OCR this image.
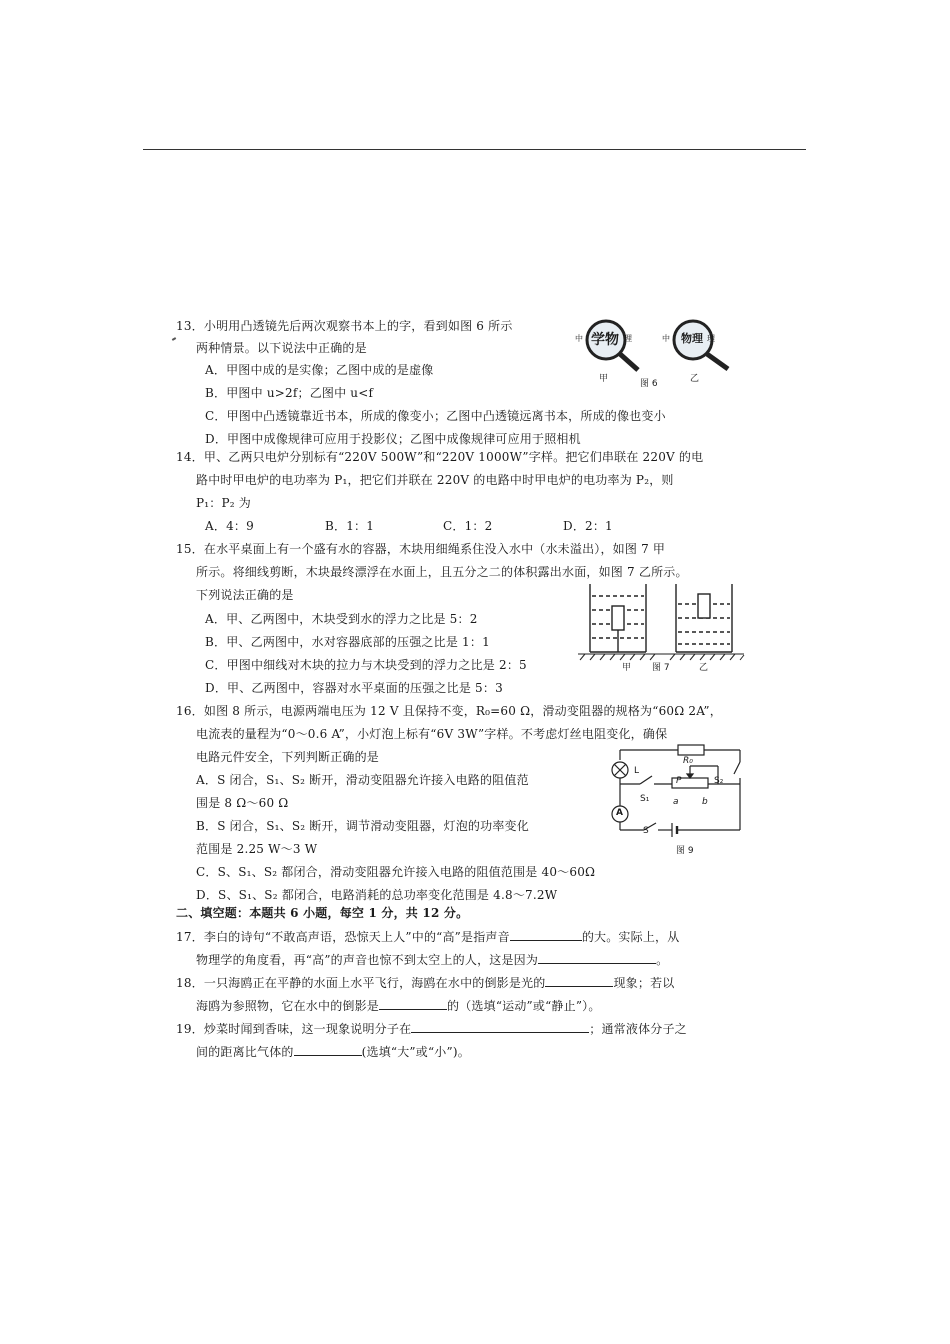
13．小明用凸透镜先后两次观察书本上的字，看到如图 6 所示
两种情景。以下说法中正确的是
A．甲图中成的是实像；乙图中成的是虚像
B．甲图中 u>2f；乙图中 u<f
C．甲图中凸透镜靠近书本，所成的像变小；乙图中凸透镜远离书本，所成的像也变小
D．甲图中成像规律可应用于投影仪；乙图中成像规律可应用于照相机
中 学物 理	中 物理 理
甲	图 6	乙
14．甲、乙两只电炉分别标有“220V 500W”和“220V 1000W”字样。把它们串联在 220V 的电
路中时甲电炉的电功率为 P₁，把它们并联在 220V 的电路中时甲电炉的电功率为 P₂，则
P₁：P₂ 为
A．4：9	B．1：1	C．1：2	D．2：1
15．在水平桌面上有一个盛有水的容器，木块用细绳系住没入水中（水未溢出），如图 7 甲
所示。将细线剪断，木块最终漂浮在水面上，且五分之二的体积露出水面，如图 7 乙所示。
下列说法正确的是
A．甲、乙两图中，木块受到水的浮力之比是 5：2
B．甲、乙两图中，水对容器底部的压强之比是 1：1
C．甲图中细线对木块的拉力与木块受到的浮力之比是 2：5
D．甲、乙两图中，容器对水平桌面的压强之比是 5：3
甲 图 7	乙
16．如图 8 所示，电源两端电压为 12 V 且保持不变，R₀=60 Ω，滑动变阻器的规格为“60Ω 2A”，
电流表的量程为“0～0.6 A”，小灯泡上标有“6V 3W”字样。不考虑灯丝电阻变化，确保
电路元件安全，下列判断正确的是
A．S 闭合，S₁、S₂ 断开，滑动变阻器允许接入电路的阻值范
围是 8 Ω～60 Ω
B．S 闭合，S₁、S₂ 断开，调节滑动变阻器，灯泡的功率变化
范围是 2.25 W～3 W
C．S、S₁、S₂ 都闭合，滑动变阻器允许接入电路的阻值范围是 40～60Ω
D．S、S₁、S₂ 都闭合，电路消耗的总功率变化范围是 4.8～7.2W
R₀
L
P	S₂
S₁	a	b
A
S
图 9
二、填空题：本题共 6 小题，每空 1 分，共 12 分。
17．李白的诗句“不敢高声语，恐惊天上人”中的“高”是指声音	的大。实际上，从
物理学的角度看，再“高”的声音也惊不到太空上的人，这是因为	。
18．一只海鸥正在平静的水面上水平飞行，海鸥在水中的倒影是光的	现象；若以
海鸥为参照物，它在水中的倒影是	的（选填“运动”或“静止”）。
19．炒菜时闻到香味，这一现象说明分子在	；通常液体分子之
间的距离比气体的	(选填“大”或“小”)。
